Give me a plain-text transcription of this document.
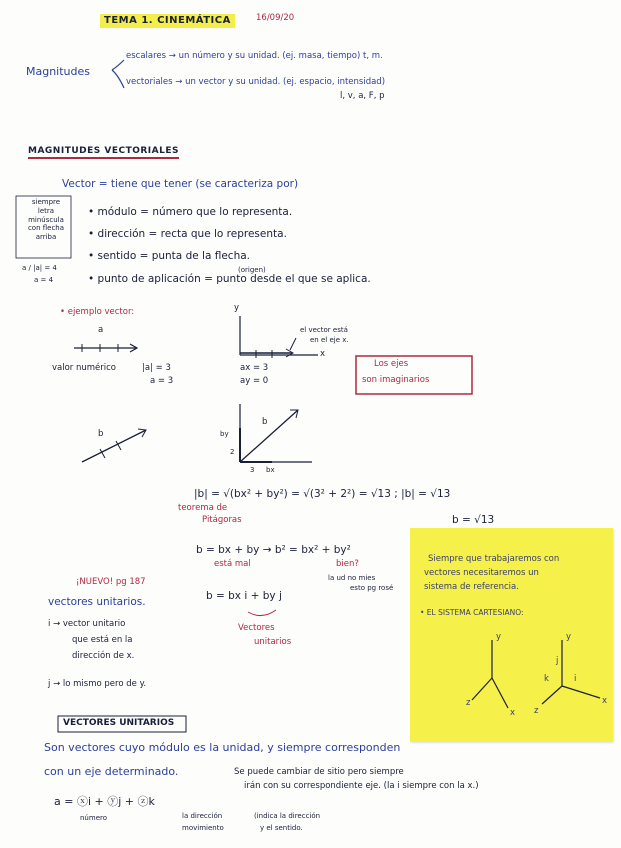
TEMA 1. CINEMÁTICA	16/09/20
Magnitudes
escalares → un número y su unidad. (ej. masa, tiempo) t, m.
vectoriales → un vector y su unidad. (ej. espacio, intensidad)
l, v, a, F, p
MAGNITUDES VECTORIALES
Vector = tiene que tener (se caracteriza por)
siempre
letra
minúscula
con flecha
arriba
a / |a| = 4
a = 4
• módulo = número que lo representa.
• dirección = recta que lo representa.
• sentido = punta de la flecha.
(origen)
• punto de aplicación = punto desde el que se aplica.
• ejemplo vector:
a
valor numérico	|a| = 3
a = 3
y
x
el vector está
en el eje x.
ax = 3
ay = 0
Los ejes
son imaginarios
b
b
by
2
3 bx
|b| = √(bx² + by²) = √(3² + 2²) = √13 ; |b| = √13
b = √13
teorema de
Pitágoras
b = bx + by → b² = bx² + by²
está mal	bien?
la ud no mies
esto pg rosé
b = bx i + by j
Vectores
unitarios
¡NUEVO! pg 187
vectores unitarios.
i → vector unitario
que está en la
dirección de x.
j → lo mismo pero de y.
Siempre que trabajaremos con
vectores necesitaremos un
sistema de referencia.
• EL SISTEMA CARTESIANO:
y
x
z
y
j
k	i
x
z
VECTORES UNITARIOS
Son vectores cuyo módulo es la unidad, y siempre corresponden
con un eje determinado.	Se puede cambiar de sitio pero siempre
irán con su correspondiente eje. (la i siempre con la x.)
a = ⓧi + ⓨj + ⓩk
número	la dirección
movimiento
(indica la dirección
y el sentido.
